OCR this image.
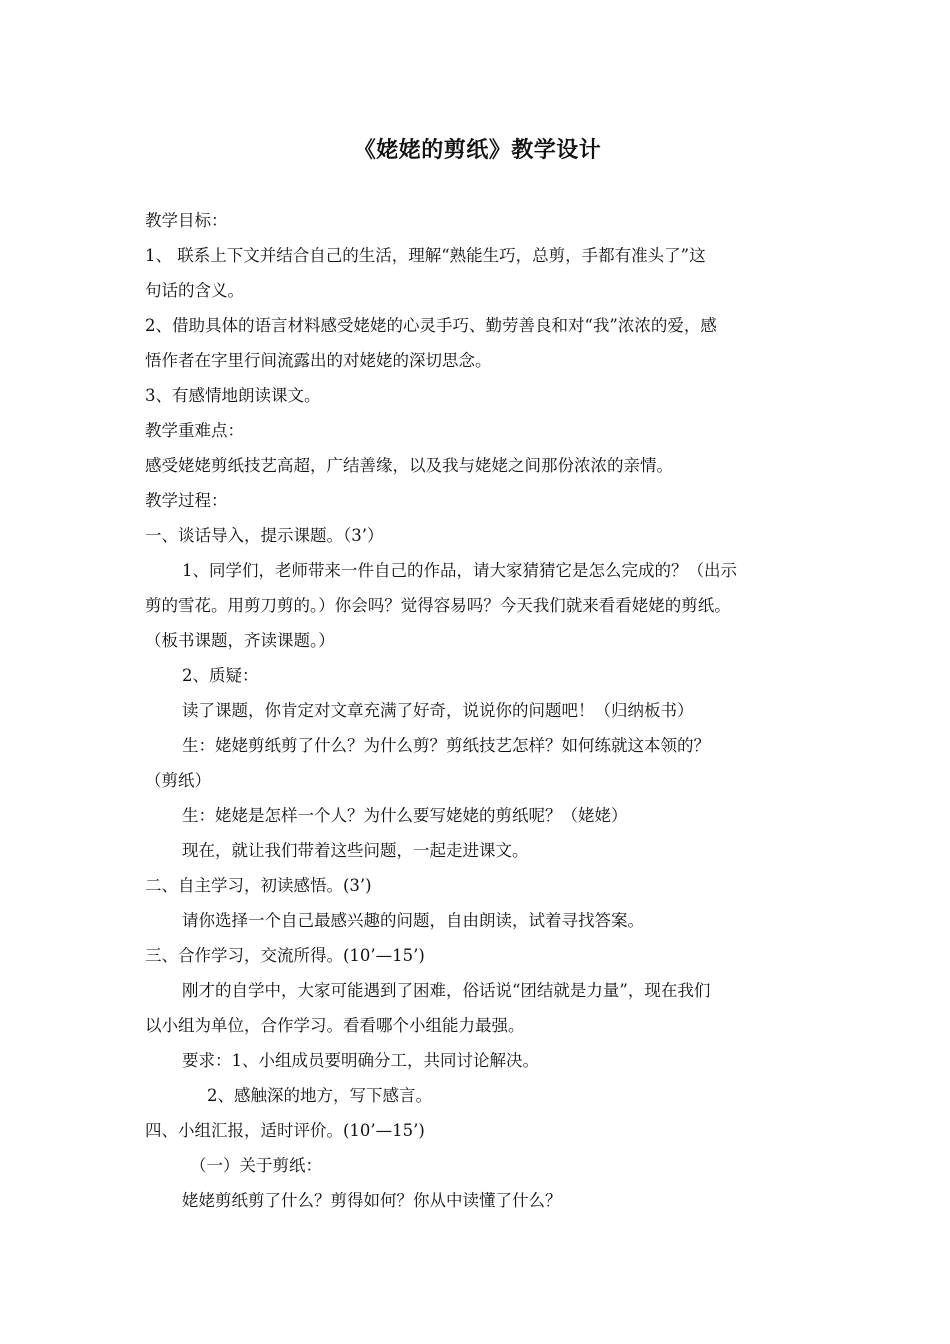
《姥姥的剪纸》教学设计
教学目标：
1、 联系上下文并结合自己的生活，理解“熟能生巧，总剪，手都有准头了”这
句话的含义。
2、借助具体的语言材料感受姥姥的心灵手巧、勤劳善良和对“我”浓浓的爱，感
悟作者在字里行间流露出的对姥姥的深切思念。
3、有感情地朗读课文。
教学重难点：
感受姥姥剪纸技艺高超，广结善缘，以及我与姥姥之间那份浓浓的亲情。
教学过程：
一、谈话导入，提示课题。（3’）
1、同学们，老师带来一件自己的作品，请大家猜猜它是怎么完成的？（出示
剪的雪花。用剪刀剪的。）你会吗？觉得容易吗？今天我们就来看看姥姥的剪纸。
（板书课题，齐读课题。）
2、质疑：
读了课题，你肯定对文章充满了好奇，说说你的问题吧！（归纳板书）
生：姥姥剪纸剪了什么？为什么剪？剪纸技艺怎样？如何练就这本领的？
（剪纸）
生：姥姥是怎样一个人？为什么要写姥姥的剪纸呢？（姥姥）
现在，就让我们带着这些问题，一起走进课文。
二、自主学习，初读感悟。(3’)
请你选择一个自己最感兴趣的问题，自由朗读，试着寻找答案。
三、合作学习，交流所得。(10’—15’)
刚才的自学中，大家可能遇到了困难，俗话说“团结就是力量”，现在我们
以小组为单位，合作学习。看看哪个小组能力最强。
要求：1、小组成员要明确分工，共同讨论解决。
2、感触深的地方，写下感言。
四、小组汇报，适时评价。(10’—15’)
（一）关于剪纸：
姥姥剪纸剪了什么？剪得如何？你从中读懂了什么？
